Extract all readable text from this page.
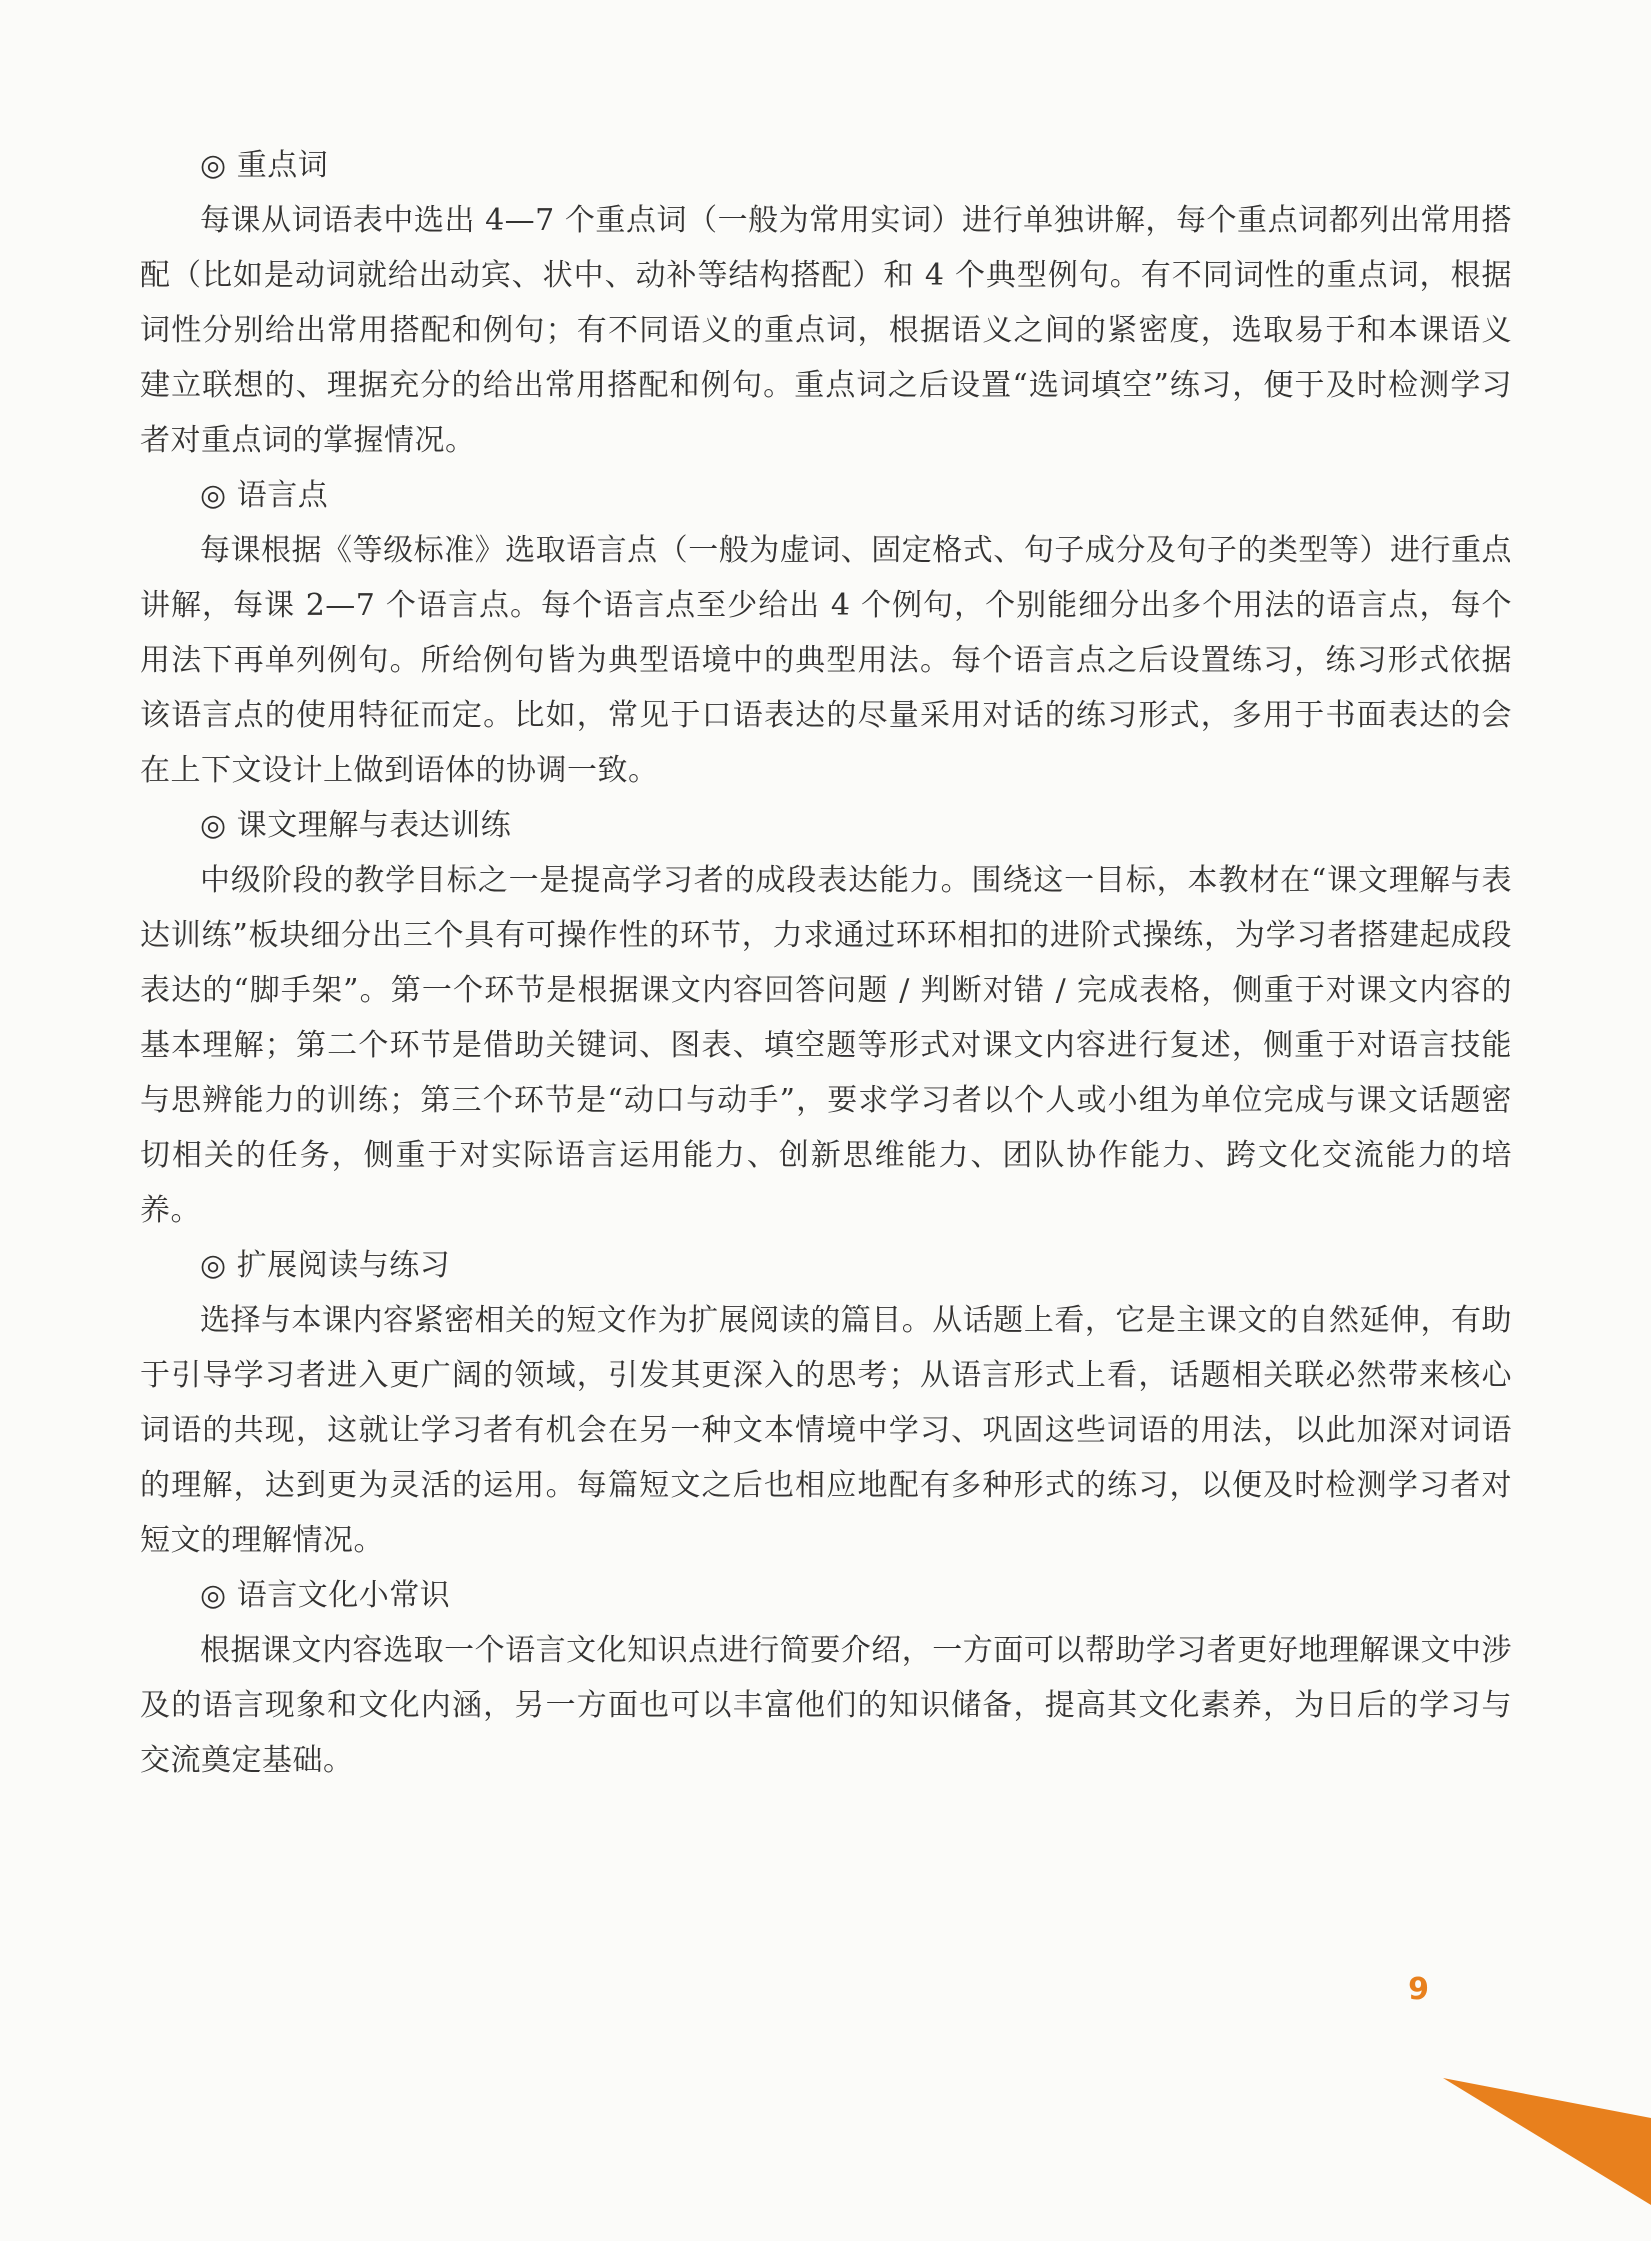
◎ 重点词

每课从词语表中选出 4—7 个重点词（一般为常用实词）进行单独讲解，每个重点词都列出常用搭配（比如是动词就给出动宾、状中、动补等结构搭配）和 4 个典型例句。有不同词性的重点词，根据词性分别给出常用搭配和例句；有不同语义的重点词，根据语义之间的紧密度，选取易于和本课语义建立联想的、理据充分的给出常用搭配和例句。重点词之后设置“选词填空”练习，便于及时检测学习者对重点词的掌握情况。

◎ 语言点

每课根据《等级标准》选取语言点（一般为虚词、固定格式、句子成分及句子的类型等）进行重点讲解，每课 2—7 个语言点。每个语言点至少给出 4 个例句，个别能细分出多个用法的语言点，每个用法下再单列例句。所给例句皆为典型语境中的典型用法。每个语言点之后设置练习，练习形式依据该语言点的使用特征而定。比如，常见于口语表达的尽量采用对话的练习形式，多用于书面表达的会在上下文设计上做到语体的协调一致。

◎ 课文理解与表达训练

中级阶段的教学目标之一是提高学习者的成段表达能力。围绕这一目标，本教材在“课文理解与表达训练”板块细分出三个具有可操作性的环节，力求通过环环相扣的进阶式操练，为学习者搭建起成段表达的“脚手架”。第一个环节是根据课文内容回答问题 / 判断对错 / 完成表格，侧重于对课文内容的基本理解；第二个环节是借助关键词、图表、填空题等形式对课文内容进行复述，侧重于对语言技能与思辨能力的训练；第三个环节是“动口与动手”，要求学习者以个人或小组为单位完成与课文话题密切相关的任务，侧重于对实际语言运用能力、创新思维能力、团队协作能力、跨文化交流能力的培养。

◎ 扩展阅读与练习

选择与本课内容紧密相关的短文作为扩展阅读的篇目。从话题上看，它是主课文的自然延伸，有助于引导学习者进入更广阔的领域，引发其更深入的思考；从语言形式上看，话题相关联必然带来核心词语的共现，这就让学习者有机会在另一种文本情境中学习、巩固这些词语的用法，以此加深对词语的理解，达到更为灵活的运用。每篇短文之后也相应地配有多种形式的练习，以便及时检测学习者对短文的理解情况。

◎ 语言文化小常识

根据课文内容选取一个语言文化知识点进行简要介绍，一方面可以帮助学习者更好地理解课文中涉及的语言现象和文化内涵，另一方面也可以丰富他们的知识储备，提高其文化素养，为日后的学习与交流奠定基础。

9
